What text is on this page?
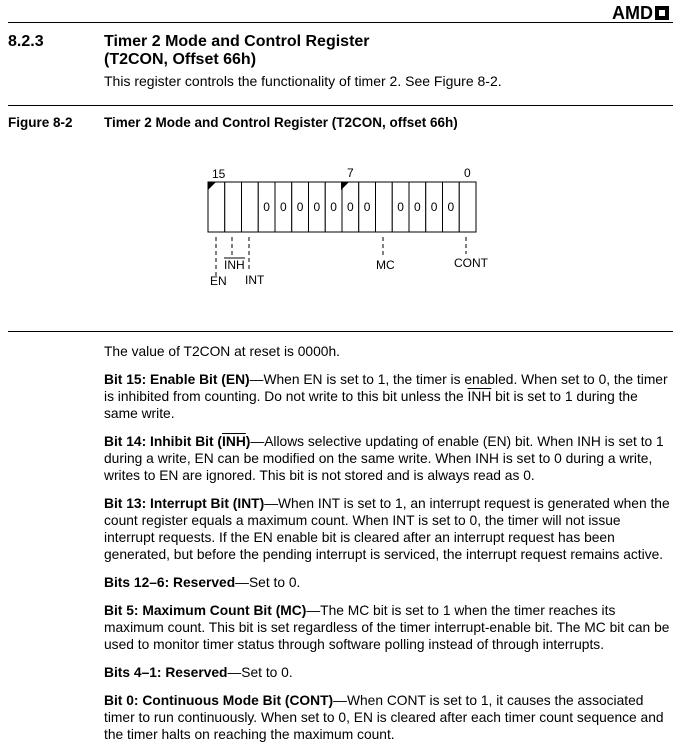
AMD
8.2.3	Timer 2 Mode and Control Register
(T2CON, Offset 66h)
This register controls the functionality of timer 2. See Figure 8-2.
Figure 8-2 Timer 2 Mode and Control Register (T2CON, offset 66h)
15	7	0
0 0 0 0 0 0 0 0 0 0 0
INH
EN INT
MC	CONT

The value of T2CON at reset is 0000h.

Bit 15: Enable Bit (EN)—When EN is set to 1, the timer is enabled. When set to 0, the timer is inhibited from counting. Do not write to this bit unless the $\overline{INH}$ bit is set to 1 during the same write.

Bit 14: Inhibit Bit $(\overline{INH})—Allows$ selective updating of enable (EN) bit. When INH is set to 1 during a write, EN can be modified on the same write. When INH is set to 0 during a write, writes to EN are ignored. This bit is not stored and is always read as 0.

Bit 13: Interrupt Bit (INT)—When INT is set to 1, an interrupt request is generated when the count register equals a maximum count. When INT is set to 0, the timer will not issue interrupt requests. If the EN enable bit is cleared after an interrupt request has been generated, but before the pending interrupt is serviced, the interrupt request remains active.

Bits 12–6: Reserved—Set to 0.

Bit 5: Maximum Count Bit (MC)—The MC bit is set to 1 when the timer reaches its maximum count. This bit is set regardless of the timer interrupt-enable bit. The MC bit can be used to monitor timer status through software polling instead of through interrupts.

Bits 4–1: Reserved—Set to 0.

Bit 0: Continuous Mode Bit (CONT)—When CONT is set to 1, it causes the associated timer to run continuously. When set to 0, EN is cleared after each timer count sequence and the timer halts on reaching the maximum count.
